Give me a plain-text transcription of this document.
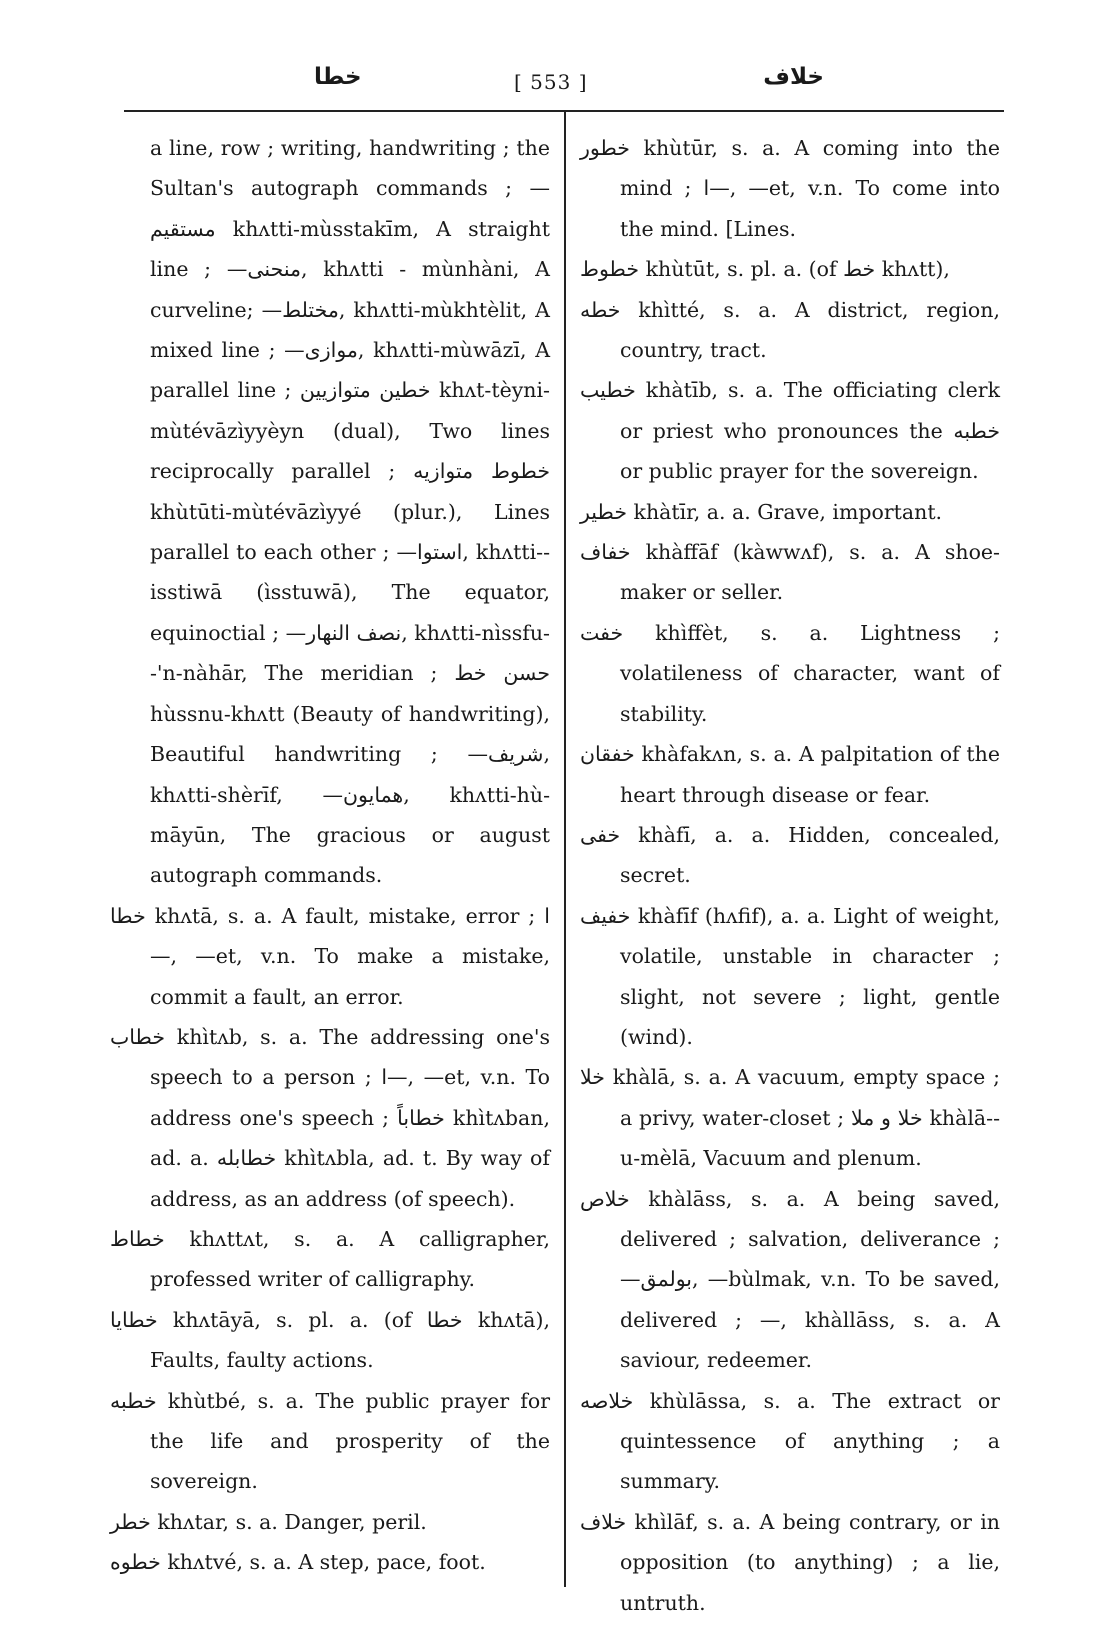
خطا	[ 553 ]	خلاف
a line, row ; writing, handwriting ; the Sultan's autograph commands ; — مستقیم khʌtti-mùsstakīm, A straight line ; —منحنی, khʌtti - mùnhàni, A curveline; —مختلط, khʌtti-mùkhtèlit, A mixed line ; —موازی, khʌtti-mùwāzī, A parallel line ; خطین متوازیین khʌt-tèyni-mùtévāzìyyèyn (dual), Two lines reciprocally parallel ; خطوط متوازیه khùtūti-mùtévāzìyyé (plur.), Lines parallel to each other ; —استوا, khʌtti--isstiwā (ìsstuwā), The equator, equinoctial ; —نصف النهار, khʌtti-nìssfu--'n-nàhār, The meridian ; حسن خط hùssnu-khʌtt (Beauty of handwriting), Beautiful handwriting ; —شریف, khʌtti-shèrīf, —همایون, khʌtti-hù-māyūn, The gracious or august autograph commands.
خطا khʌtā, s. a. A fault, mistake, error ; ا—, —et, v.n. To make a mistake, commit a fault, an error.
خطاب khìtʌb, s. a. The addressing one's speech to a person ; ا—, —et, v.n. To address one's speech ; خطاباً khìtʌban, ad. a. خطابله khìtʌbla, ad. t. By way of address, as an address (of speech).
خطاط khʌttʌt, s. a. A calligrapher, professed writer of calligraphy.
خطایا khʌtāyā, s. pl. a. (of خطا khʌtā), Faults, faulty actions.
خطبه khùtbé, s. a. The public prayer for the life and prosperity of the sovereign.
خطر khʌtar, s. a. Danger, peril.
خطوه khʌtvé, s. a. A step, pace, foot.
خطور khùtūr, s. a. A coming into the mind ; ا—, —et, v.n. To come into the mind. [Lines.
خطوط khùtūt, s. pl. a. (of خط khʌtt),
خطه khìtté, s. a. A district, region, country, tract.
خطیب khàtīb, s. a. The officiating clerk or priest who pronounces the خطبه or public prayer for the sovereign.
خطیر khàtīr, a. a. Grave, important.
خفاف khàffāf (kàwwʌf), s. a. A shoe-maker or seller.
خفت khìffèt, s. a. Lightness ; volatileness of character, want of stability.
خفقان khàfakʌn, s. a. A palpitation of the heart through disease or fear.
خفی khàfī, a. a. Hidden, concealed, secret.
خفیف khàfīf (hʌfif), a. a. Light of weight, volatile, unstable in character ; slight, not severe ; light, gentle (wind).
خلا khàlā, s. a. A vacuum, empty space ; a privy, water-closet ; خلا و ملا khàlā--u-mèlā, Vacuum and plenum.
خلاص khàlāss, s. a. A being saved, delivered ; salvation, deliverance ; —بولمق, —bùlmak, v.n. To be saved, delivered ; —, khàllāss, s. a. A saviour, redeemer.
خلاصه khùlāssa, s. a. The extract or quintessence of anything ; a summary.
خلاف khìlāf, s. a. A being contrary, or in opposition (to anything) ; a lie, untruth.
